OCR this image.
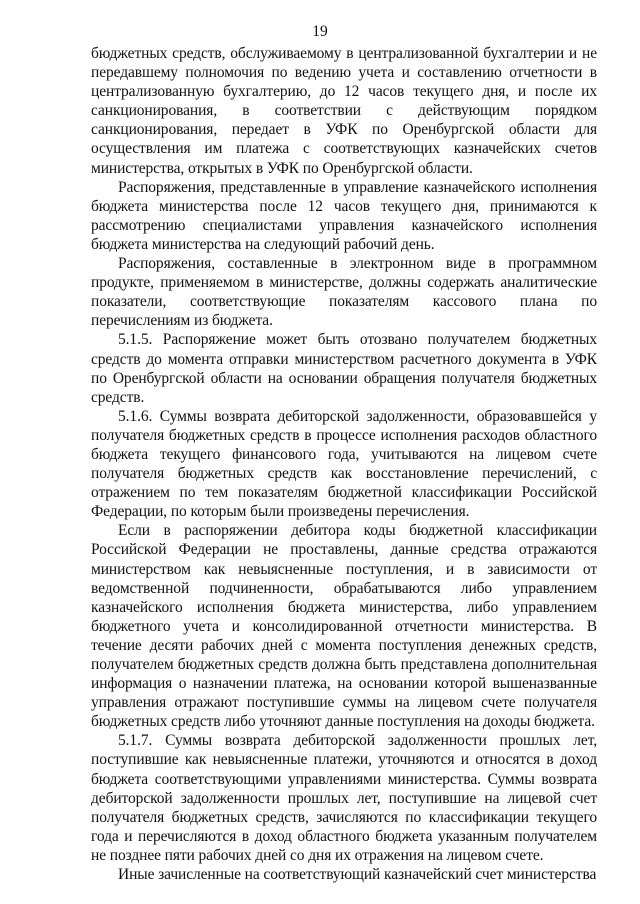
19

бюджетных средств, обслуживаемому в централизованной бухгалтерии и не передавшему полномочия по ведению учета и составлению отчетности в централизованную бухгалтерию, до 12 часов текущего дня, и после их санкционирования, в соответствии с действующим порядком санкционирования, передает в УФК по Оренбургской области для осуществления им платежа с соответствующих казначейских счетов министерства, открытых в УФК по Оренбургской области.

Распоряжения, представленные в управление казначейского исполнения бюджета министерства после 12 часов текущего дня, принимаются к рассмотрению специалистами управления казначейского исполнения бюджета министерства на следующий рабочий день.

Распоряжения, составленные в электронном виде в программном продукте, применяемом в министерстве, должны содержать аналитические показатели, соответствующие показателям кассового плана по перечислениям из бюджета.

5.1.5. Распоряжение может быть отозвано получателем бюджетных средств до момента отправки министерством расчетного документа в УФК по Оренбургской области на основании обращения получателя бюджетных средств.

5.1.6. Суммы возврата дебиторской задолженности, образовавшейся у получателя бюджетных средств в процессе исполнения расходов областного бюджета текущего финансового года, учитываются на лицевом счете получателя бюджетных средств как восстановление перечислений, с отражением по тем показателям бюджетной классификации Российской Федерации, по которым были произведены перечисления.

Если в распоряжении дебитора коды бюджетной классификации Российской Федерации не проставлены, данные средства отражаются министерством как невыясненные поступления, и в зависимости от ведомственной подчиненности, обрабатываются либо управлением казначейского исполнения бюджета министерства, либо управлением бюджетного учета и консолидированной отчетности министерства. В течение десяти рабочих дней с момента поступления денежных средств, получателем бюджетных средств должна быть представлена дополнительная информация о назначении платежа, на основании которой вышеназванные управления отражают поступившие суммы на лицевом счете получателя бюджетных средств либо уточняют данные поступления на доходы бюджета.

5.1.7. Суммы возврата дебиторской задолженности прошлых лет, поступившие как невыясненные платежи, уточняются и относятся в доход бюджета соответствующими управлениями министерства. Суммы возврата дебиторской задолженности прошлых лет, поступившие на лицевой счет получателя бюджетных средств, зачисляются по классификации текущего года и перечисляются в доход областного бюджета указанным получателем не позднее пяти рабочих дней со дня их отражения на лицевом счете.

Иные зачисленные на соответствующий казначейский счет министерства
